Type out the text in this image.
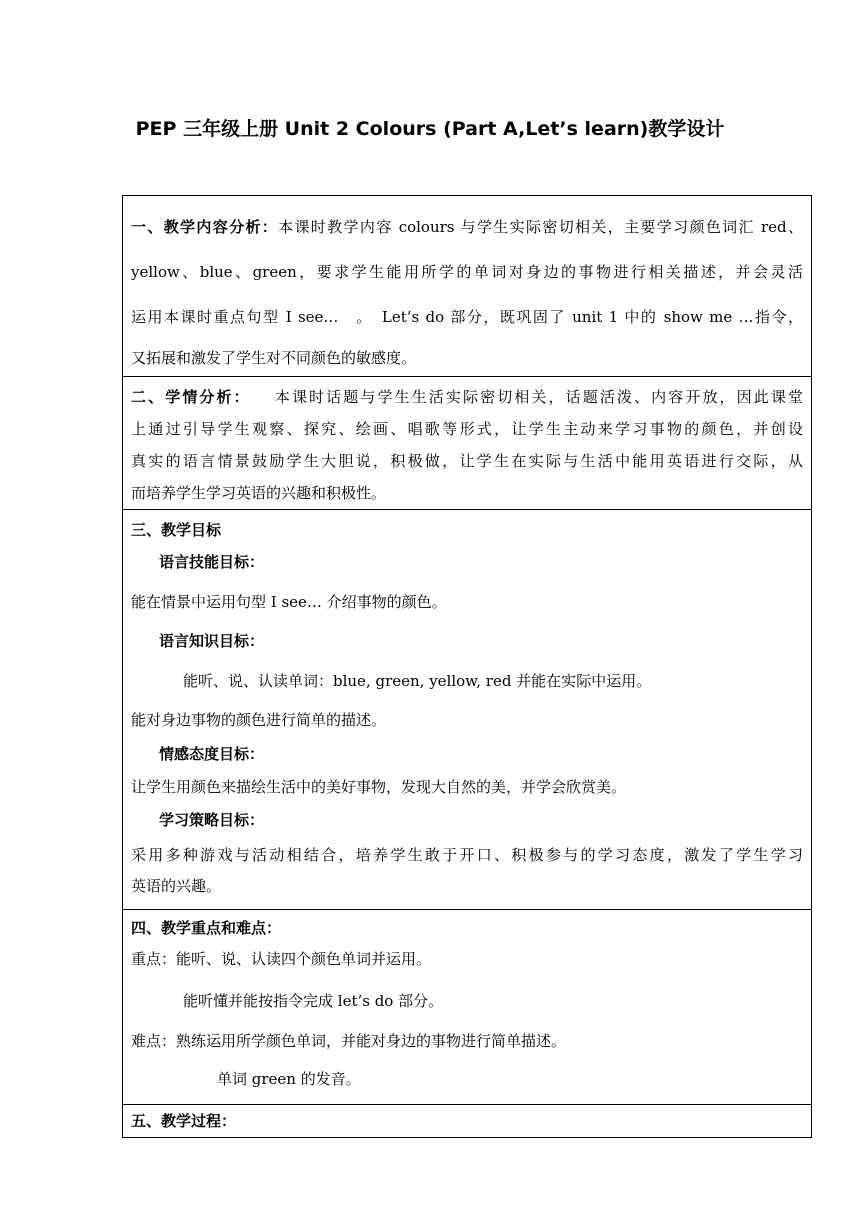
PEP 三年级上册 Unit 2 Colours (Part A,Let’s learn)教学设计
一、教学内容分析：本课时教学内容 colours 与学生实际密切相关，主要学习颜色词汇 red、
yellow、blue、green，要求学生能用所学的单词对身边的事物进行相关描述，并会灵活
运用本课时重点句型 I see…　。　Let’s do 部分，既巩固了 unit 1 中的 show me …指令，
又拓展和激发了学生对不同颜色的敏感度。

二、学情分析： 本课时话题与学生生活实际密切相关，话题活泼、内容开放，因此课堂
上通过引导学生观察、探究、绘画、唱歌等形式，让学生主动来学习事物的颜色，并创设
真实的语言情景鼓励学生大胆说，积极做，让学生在实际与生活中能用英语进行交际，从
而培养学生学习英语的兴趣和积极性。

三、教学目标
语言技能目标：
能在情景中运用句型 I see… 介绍事物的颜色。
语言知识目标：
能听、说、认读单词：blue, green, yellow, red 并能在实际中运用。
能对身边事物的颜色进行简单的描述。
情感态度目标：
让学生用颜色来描绘生活中的美好事物，发现大自然的美，并学会欣赏美。
学习策略目标：
采用多种游戏与活动相结合，培养学生敢于开口、积极参与的学习态度，激发了学生学习
英语的兴趣。

四、教学重点和难点：
重点：能听、说、认读四个颜色单词并运用。
能听懂并能按指令完成 let’s do 部分。
难点：熟练运用所学颜色单词，并能对身边的事物进行简单描述。
单词 green 的发音。

五、教学过程：
